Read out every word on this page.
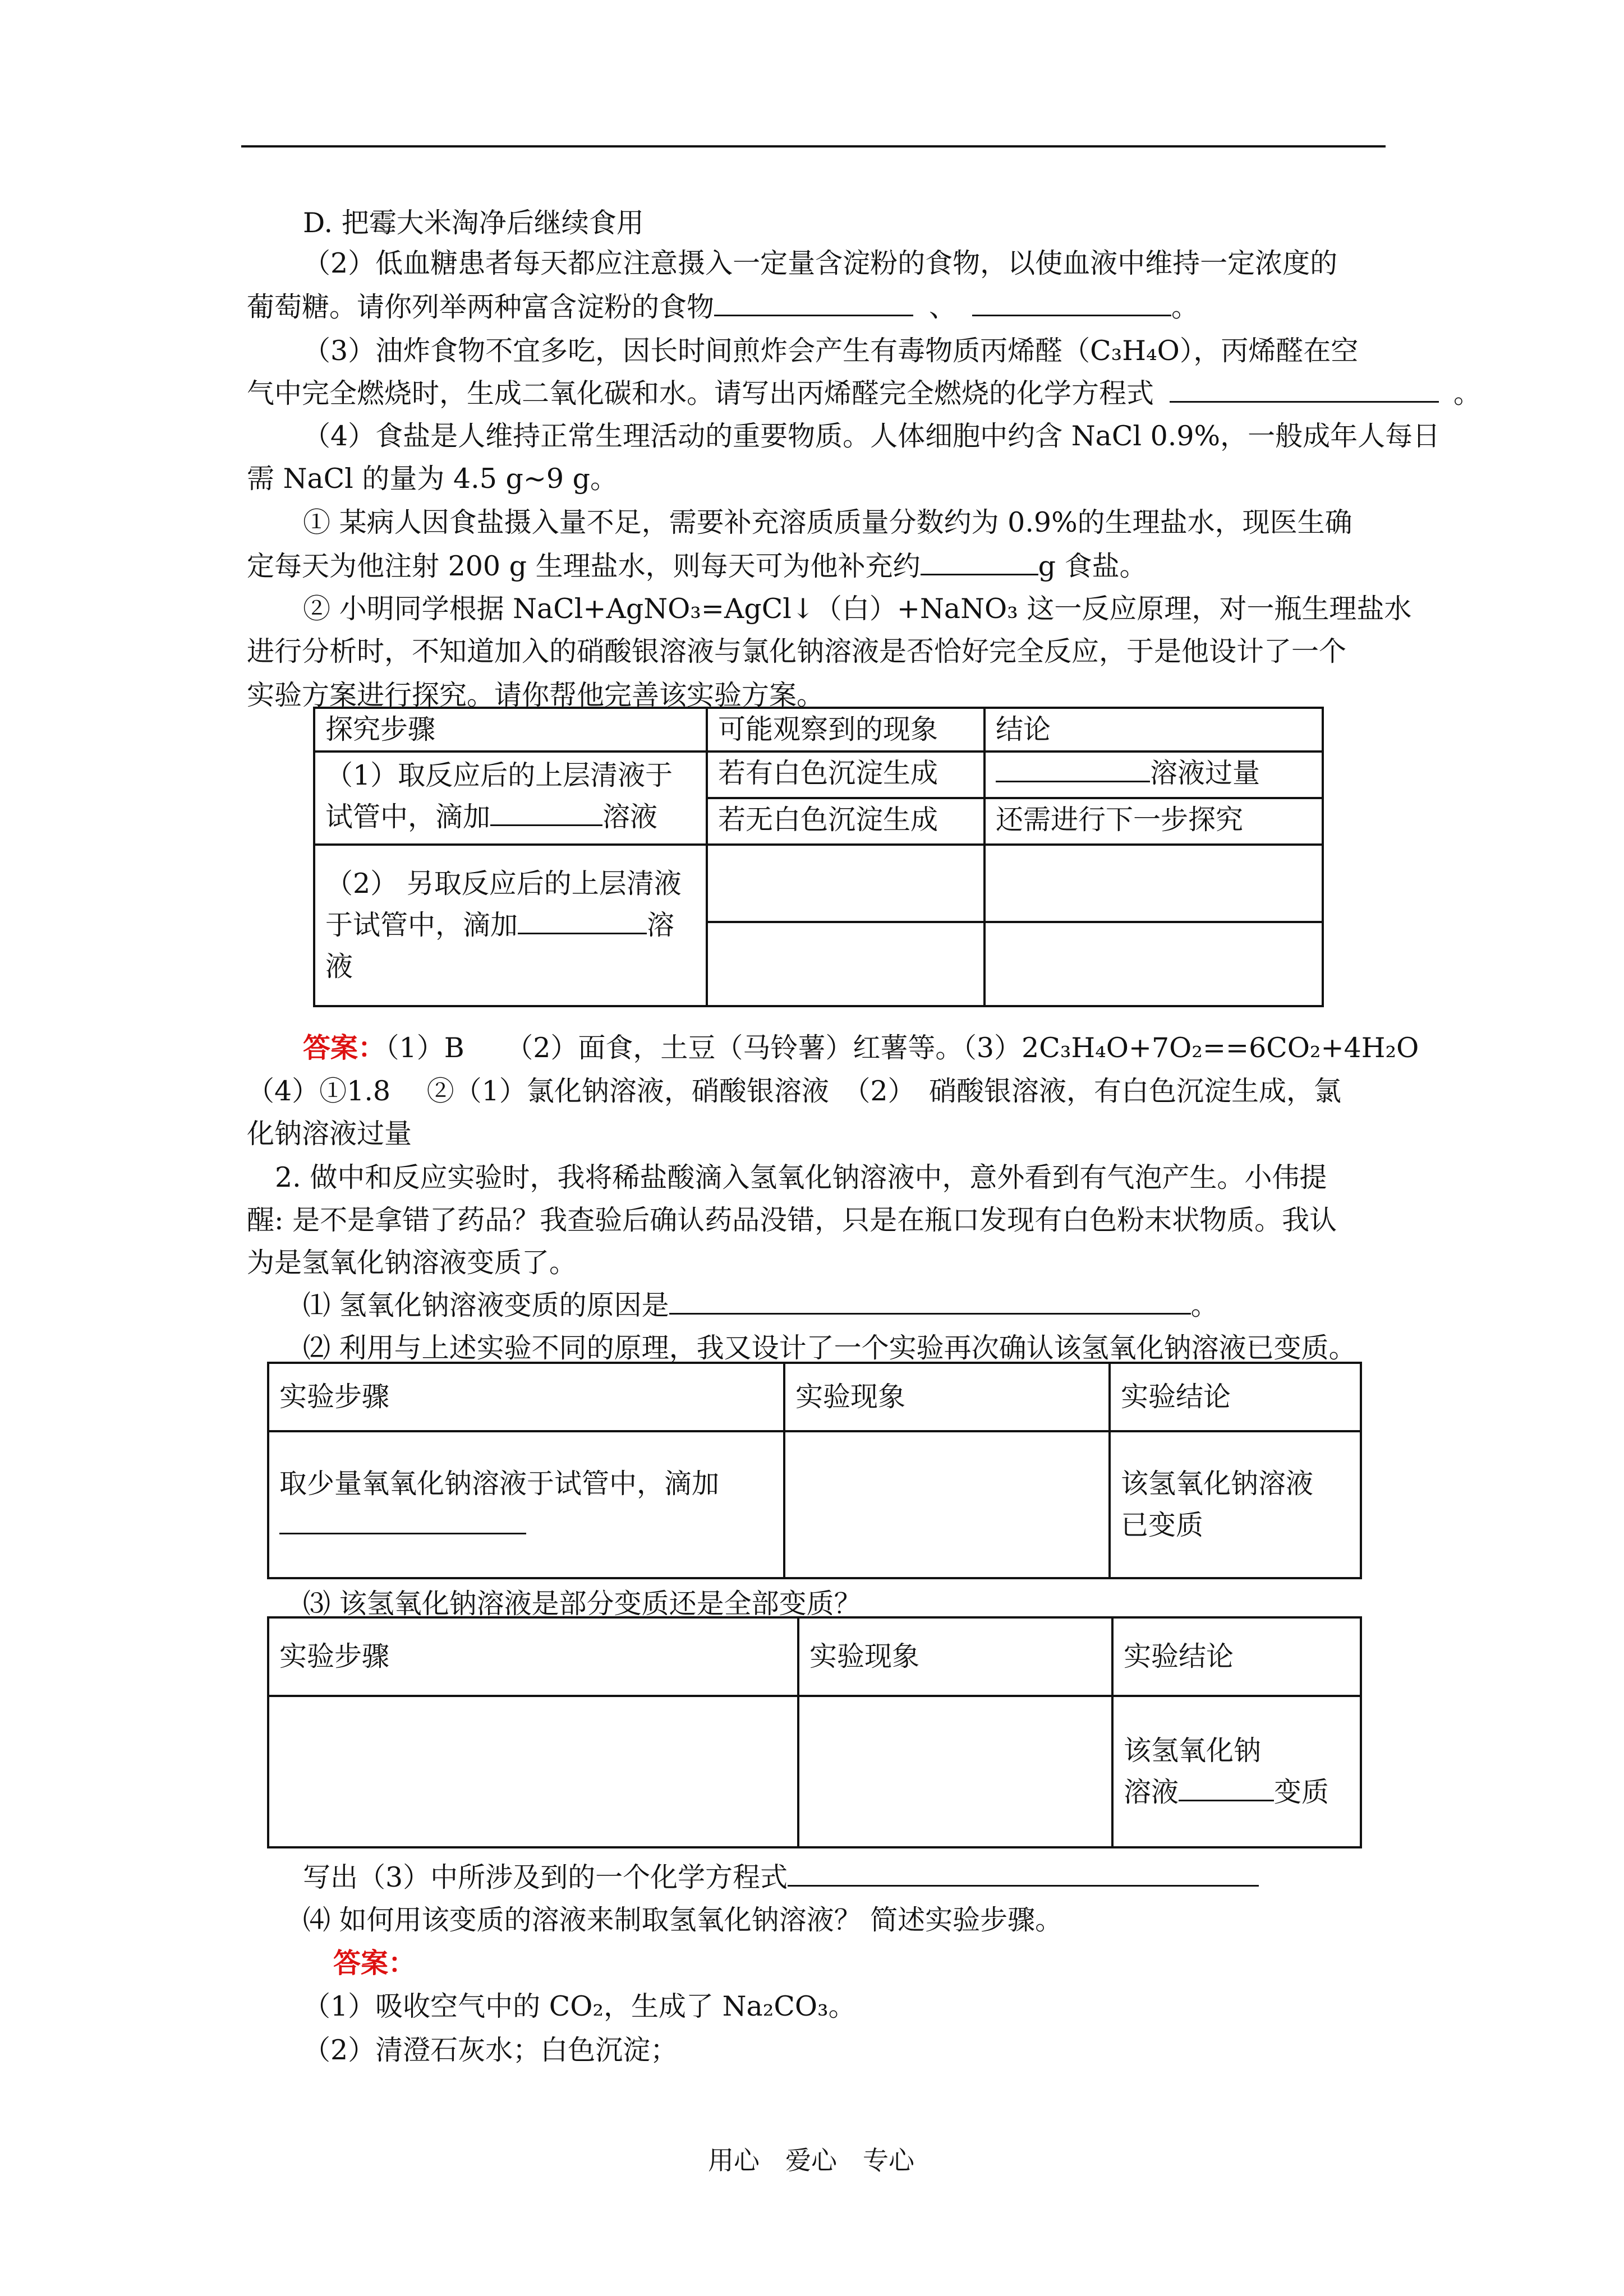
D. 把霉大米淘净后继续食用
（2）低血糖患者每天都应注意摄入一定量含淀粉的食物，以使血液中维持一定浓度的
葡萄糖。请你列举两种富含淀粉的食物	、	。
（3）油炸食物不宜多吃，因长时间煎炸会产生有毒物质丙烯醛（C₃H₄O），丙烯醛在空
气中完全燃烧时，生成二氧化碳和水。请写出丙烯醛完全燃烧的化学方程式	。
（4）食盐是人维持正常生理活动的重要物质。人体细胞中约含 NaCl 0.9%，一般成年人每日
需 NaCl 的量为 4.5 g~9 g。
① 某病人因食盐摄入量不足，需要补充溶质质量分数约为 0.9%的生理盐水，现医生确
定每天为他注射 200 g 生理盐水，则每天可为他补充约	g 食盐。
② 小明同学根据 NaCl+AgNO₃=AgCl↓（白）+NaNO₃ 这一反应原理，对一瓶生理盐水
进行分析时，不知道加入的硝酸银溶液与氯化钠溶液是否恰好完全反应，于是他设计了一个
实验方案进行探究。请你帮他完善该实验方案。
探究步骤	可能观察到的现象	结论

（1）取反应后的上层清液于
试管中，滴加 溶液	若有白色沉淀生成	溶液过量
	若无白色沉淀生成	还需进行下一步探究

（2） 另取反应后的上层清液
于试管中，滴加 溶液		

答案：（1）B　　（2）面食，土豆（马铃薯）红薯等。（3）2C₃H₄O+7O₂==6CO₂+4H₂O
（4）①1.8　 ②（1）氯化钠溶液，硝酸银溶液　（2）　硝酸银溶液，有白色沉淀生成，氯
化钠溶液过量
2. 做中和反应实验时，我将稀盐酸滴入氢氧化钠溶液中，意外看到有气泡产生。小伟提
醒: 是不是拿错了药品？我查验后确认药品没错，只是在瓶口发现有白色粉末状物质。我认
为是氢氧化钠溶液变质了。
⑴ 氢氧化钠溶液变质的原因是	。
⑵ 利用与上述实验不同的原理，我又设计了一个实验再次确认该氢氧化钠溶液已变质。
实验步骤	实验现象	实验结论

取少量氧氧化钠溶液于试管中，滴加		该氢氧化钠溶液
已变质
⑶ 该氢氧化钠溶液是部分变质还是全部变质？
实验步骤	实验现象	实验结论

		该氢氧化钠
溶液 变质
写出（3）中所涉及到的一个化学方程式
⑷ 如何用该变质的溶液来制取氢氧化钠溶液？ 简述实验步骤。
答案：
（1）吸收空气中的 CO₂，生成了 Na₂CO₃。
（2）清澄石灰水；白色沉淀；
用心　爱心　专心
